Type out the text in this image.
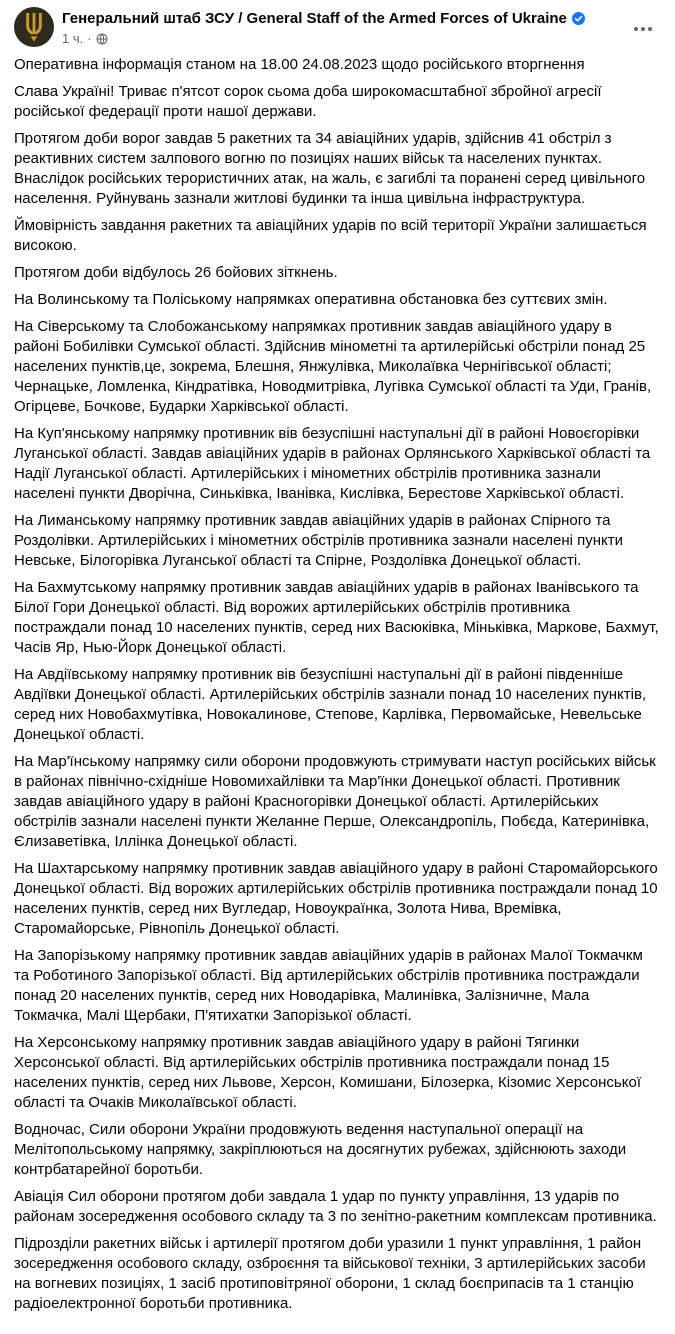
Генеральний штаб ЗСУ / General Staff of the Armed Forces of Ukraine
1 ч. ·

Оперативна інформація станом на 18.00 24.08.2023 щодо російського вторгнення

Слава Україні! Триває п'ятсот сорок сьома доба широкомасштабної збройної агресії російської федерації проти нашої держави.

Протягом доби ворог завдав 5 ракетних та 34 авіаційних ударів, здійснив 41 обстріл з реактивних систем залпового вогню по позиціях наших військ та населених пунктах. Внаслідок російських терористичних атак, на жаль, є загиблі та поранені серед цивільного населення. Руйнувань зазнали житлові будинки та інша цивільна інфраструктура.

Ймовірність завдання ракетних та авіаційних ударів по всій території України залишається високою.

Протягом доби відбулось 26 бойових зіткнень.

На Волинському та Поліському напрямках оперативна обстановка без суттєвих змін.

На Сіверському та Слобожанському напрямках противник завдав авіаційного удару в районі Бобилівки Сумської області. Здійснив мінометні та артилерійські обстріли понад 25 населених пунктів,це, зокрема, Блешня, Янжулівка, Миколаївка Чернігівської області; Чернацьке, Ломленка, Кіндратівка, Новодмитрівка, Лугівка Сумської області та Уди, Гранів, Огірцеве, Бочкове, Бударки Харківської області.

На Куп'янському напрямку противник вів безуспішні наступальні дії в районі Новоєгорівки Луганської області. Завдав авіаційних ударів в районах Орлянського Харківської області та Надії Луганської області. Артилерійських і мінометних обстрілів противника зазнали населені пункти Дворічна, Синьківка, Іванівка, Кислівка, Берестове Харківської області.

На Лиманському напрямку противник завдав авіаційних ударів в районах Спірного та Роздолівки. Артилерійських і мінометних обстрілів противника зазнали населені пункти Невське, Білогорівка Луганської області та Спірне, Роздолівка Донецької області.

На Бахмутському напрямку противник завдав авіаційних ударів в районах Іванівського та Білої Гори Донецької області. Від ворожих артилерійських обстрілів противника постраждали понад 10 населених пунктів, серед них Васюківка, Міньківка, Маркове, Бахмут, Часів Яр, Нью-Йорк Донецької області.

На Авдіївському напрямку противник вів безуспішні наступальні дії в районі південніше Авдіївки Донецької області. Артилерійських обстрілів зазнали понад 10 населених пунктів, серед них Новобахмутівка, Новокалинове, Степове, Карлівка, Первомайське, Невельське Донецької області.

На Мар'їнському напрямку сили оборони продовжують стримувати наступ російських військ в районах північно-східніше Новомихайлівки та Мар'їнки Донецької області. Противник завдав авіаційного удару в районі Красногорівки Донецької області. Артилерійських обстрілів зазнали населені пункти Желанне Перше, Олександропіль, Побєда, Катеринівка, Єлизаветівка, Іллінка Донецької області.

На Шахтарському напрямку противник завдав авіаційного удару в районі Старомайорського Донецької області. Від ворожих артилерійських обстрілів противника постраждали понад 10 населених пунктів, серед них Вугледар, Новоукраїнка, Золота Нива, Времівка, Старомайорське, Рівнопіль Донецької області.

На Запорізькому напрямку противник завдав авіаційних ударів в районах Малої Токмачкм та Роботиного Запорізької області. Від артилерійських обстрілів противника постраждали понад 20 населених пунктів, серед них Новодарівка, Малинівка, Залізничне, Мала Токмачка, Малі Щербаки, П'ятихатки Запорізької області.

На Херсонському напрямку противник завдав авіаційного удару в районі Тягинки Херсонської області. Від артилерійських обстрілів противника постраждали понад 15 населених пунктів, серед них Львове, Херсон, Комишани, Білозерка, Кізомис Херсонської області та Очаків Миколаївської області.

Водночас, Сили оборони України продовжують ведення наступальної операції на Мелітопольському напрямку, закріплюються на досягнутих рубежах, здійснюють заходи контрбатарейної боротьби.

Авіація Сил оборони протягом доби завдала 1 удар по пункту управління, 13 ударів по районам зосередження особового складу та 3 по зенітно-ракетним комплексам противника.

Підрозділи ракетних військ і артилерії протягом доби уразили 1 пункт управління, 1 район зосередження особового складу, озброєння та військової техніки, 3 артилерійських засоби на вогневих позиціях, 1 засіб протиповітряної оборони, 1 склад боєприпасів та 1 станцію радіоелектронної боротьби противника.
